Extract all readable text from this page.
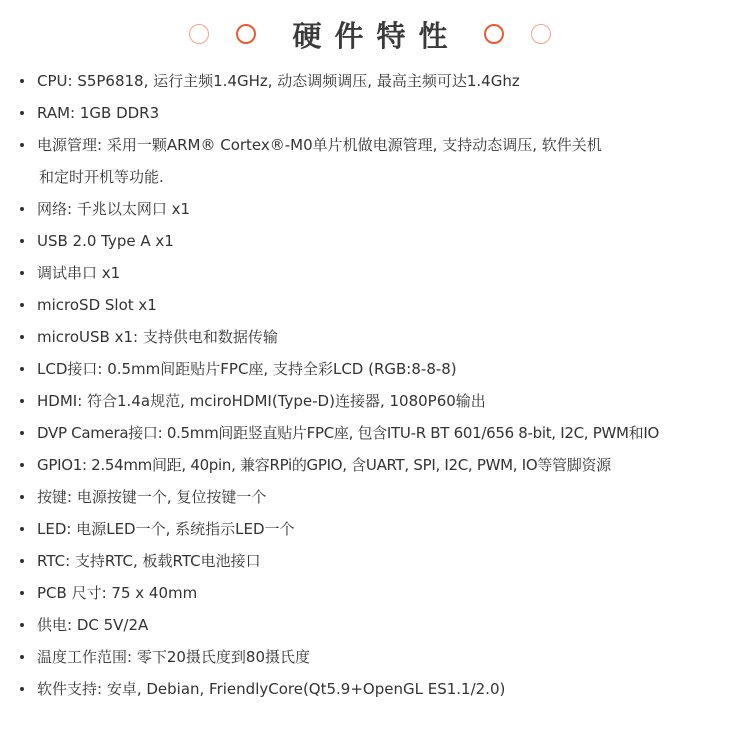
硬件特性
CPU: S5P6818, 运行主频1.4GHz, 动态调频调压, 最高主频可达1.4Ghz
RAM: 1GB DDR3
电源管理: 采用一颗ARM® Cortex®-M0单片机做电源管理, 支持动态调压, 软件关机
和定时开机等功能.
网络: 千兆以太网口 x1
USB 2.0 Type A x1
调试串口 x1
microSD Slot x1
microUSB x1: 支持供电和数据传输
LCD接口: 0.5mm间距贴片FPC座, 支持全彩LCD (RGB:8-8-8)
HDMI: 符合1.4a规范, mciroHDMI(Type-D)连接器, 1080P60输出
DVP Camera接口: 0.5mm间距竖直贴片FPC座, 包含ITU-R BT 601/656 8-bit, I2C, PWM和IO
GPIO1: 2.54mm间距, 40pin, 兼容RPi的GPIO, 含UART, SPI, I2C, PWM, IO等管脚资源
按键: 电源按键一个, 复位按键一个
LED: 电源LED一个, 系统指示LED一个
RTC: 支持RTC, 板载RTC电池接口
PCB 尺寸: 75 x 40mm
供电: DC 5V/2A
温度工作范围: 零下20摄氏度到80摄氏度
软件支持: 安卓, Debian, FriendlyCore(Qt5.9+OpenGL ES1.1/2.0)
